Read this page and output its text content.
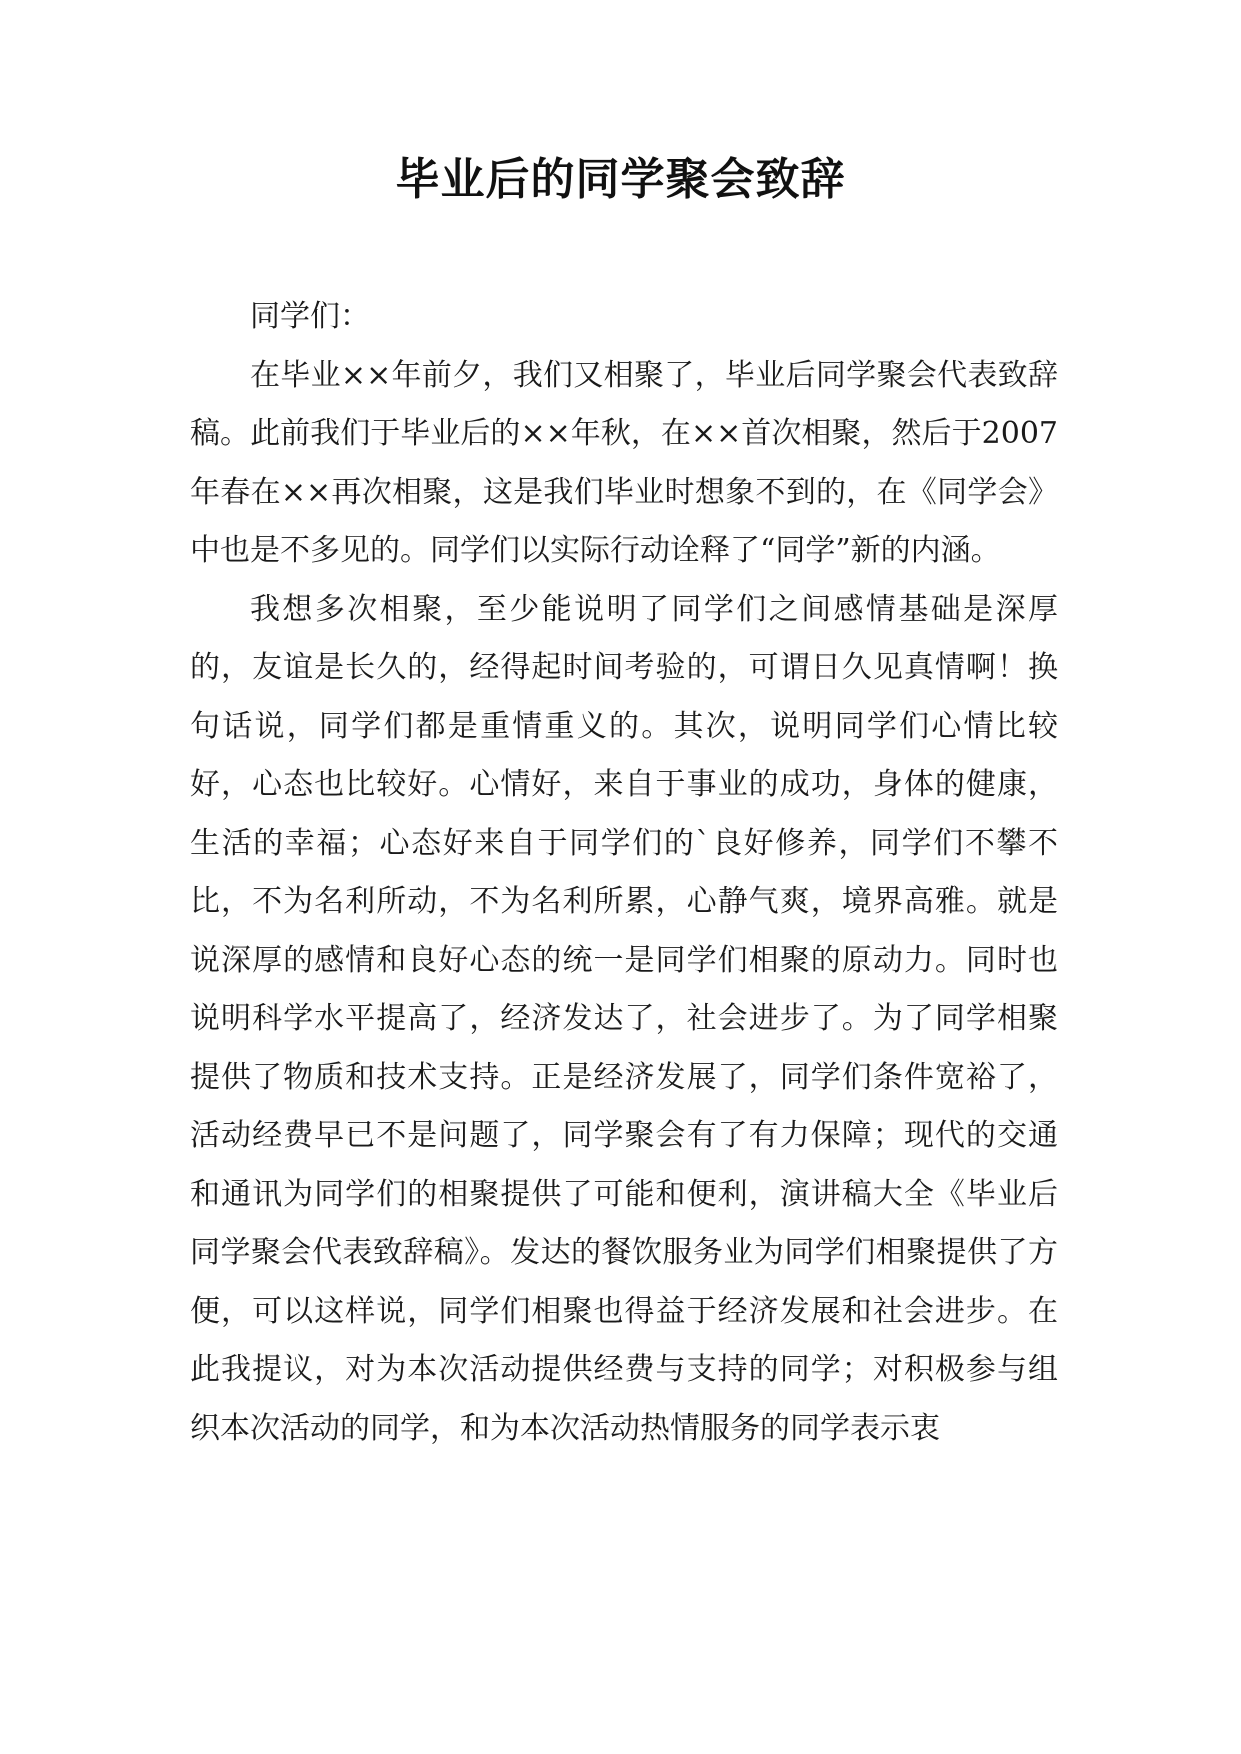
毕业后的同学聚会致辞

同学们：

在毕业××年前夕，我们又相聚了，毕业后同学聚会代表致辞稿。此前我们于毕业后的××年秋，在××首次相聚，然后于2007年春在××再次相聚，这是我们毕业时想象不到的，在《同学会》中也是不多见的。同学们以实际行动诠释了“同学”新的内涵。

我想多次相聚，至少能说明了同学们之间感情基础是深厚的，友谊是长久的，经得起时间考验的，可谓日久见真情啊！换句话说，同学们都是重情重义的。其次，说明同学们心情比较好，心态也比较好。心情好，来自于事业的成功，身体的健康，生活的幸福；心态好来自于同学们的`良好修养，同学们不攀不比，不为名利所动，不为名利所累，心静气爽，境界高雅。就是说深厚的感情和良好心态的统一是同学们相聚的原动力。同时也说明科学水平提高了，经济发达了，社会进步了。为了同学相聚提供了物质和技术支持。正是经济发展了，同学们条件宽裕了，活动经费早已不是问题了，同学聚会有了有力保障；现代的交通和通讯为同学们的相聚提供了可能和便利，演讲稿大全《毕业后同学聚会代表致辞稿》。发达的餐饮服务业为同学们相聚提供了方便，可以这样说，同学们相聚也得益于经济发展和社会进步。在此我提议，对为本次活动提供经费与支持的同学；对积极参与组织本次活动的同学，和为本次活动热情服务的同学表示衷
